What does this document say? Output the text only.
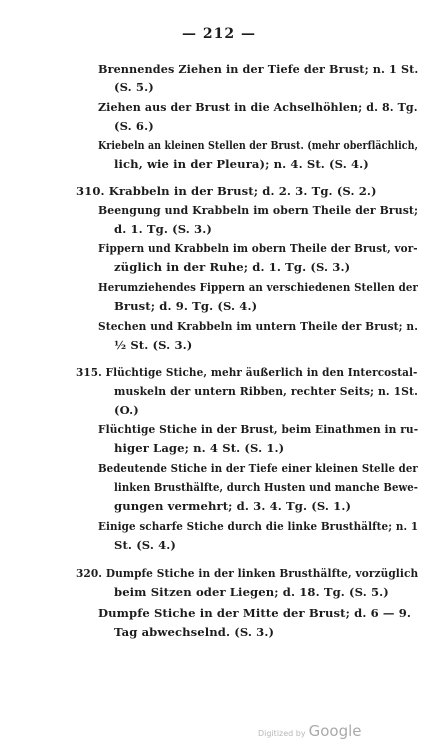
— 212 —
Brennendes Ziehen in der Tiefe der Brust; n. 1 St.
(S. 5.)
Ziehen aus der Brust in die Achselhöhlen; d. 8. Tg.
(S. 6.)
Kriebeln an kleinen Stellen der Brust. (mehr oberflächlich,
lich, wie in der Pleura); n. 4. St. (S. 4.)
310. Krabbeln in der Brust; d. 2. 3. Tg. (S. 2.)
Beengung und Krabbeln im obern Theile der Brust;
d. 1. Tg. (S. 3.)
Fippern und Krabbeln im obern Theile der Brust, vor-
züglich in der Ruhe; d. 1. Tg. (S. 3.)
Herumziehendes Fippern an verschiedenen Stellen der
Brust; d. 9. Tg. (S. 4.)
Stechen und Krabbeln im untern Theile der Brust; n.
½ St. (S. 3.)
315. Flüchtige Stiche, mehr äußerlich in den Intercostal-
muskeln der untern Ribben, rechter Seits; n. 1St.
(O.)
Flüchtige Stiche in der Brust, beim Einathmen in ru-
higer Lage; n. 4 St. (S. 1.)
Bedeutende Stiche in der Tiefe einer kleinen Stelle der
linken Brusthälfte, durch Husten und manche Bewe-
gungen vermehrt; d. 3. 4. Tg. (S. 1.)
Einige scharfe Stiche durch die linke Brusthälfte; n. 1
St. (S. 4.)
320. Dumpfe Stiche in der linken Brusthälfte, vorzüglich
beim Sitzen oder Liegen; d. 18. Tg. (S. 5.)
Dumpfe Stiche in der Mitte der Brust; d. 6 — 9.
Tag abwechselnd. (S. 3.)
Digitized by Google
